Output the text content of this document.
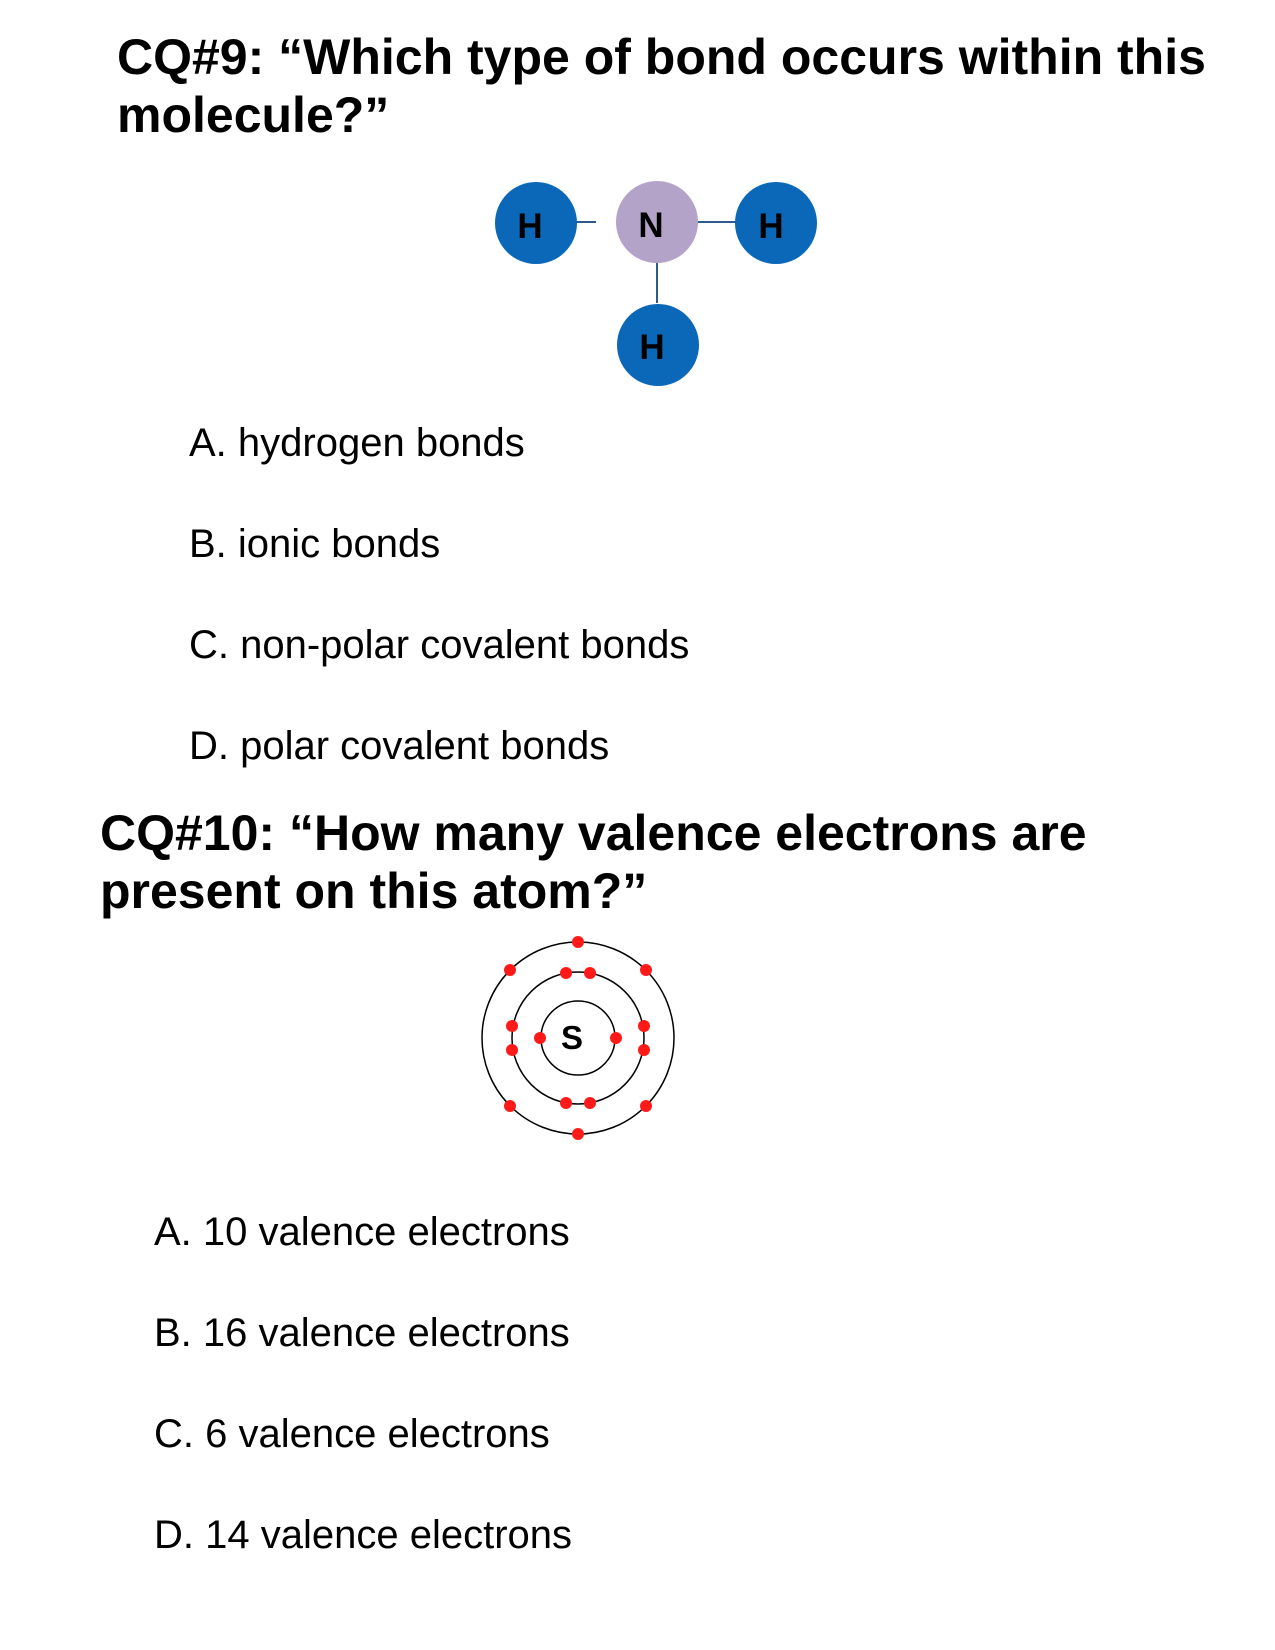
CQ#9: “Which type of bond occurs within this molecule?”
H	N	H
H
S

A. hydrogen bonds

B. ionic bonds

C. non-polar covalent bonds

D. polar covalent bonds

CQ#10: “How many valence electrons are present on this atom?”

A. 10 valence electrons

B. 16 valence electrons

C. 6 valence electrons

D. 14 valence electrons
